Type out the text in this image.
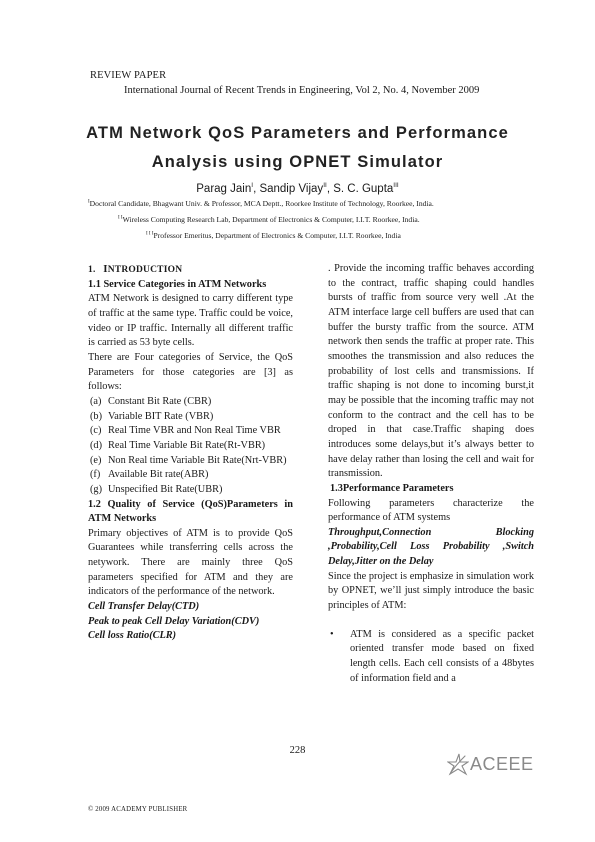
REVIEW PAPER
International Journal of Recent Trends in Engineering, Vol 2, No. 4, November 2009
ATM Network QoS Parameters and Performance
Analysis using OPNET Simulator
Parag Jain$^I$, Sandip Vijay$^{II}$, S. C. Gupta$^{III}$
$^I$Doctoral Candidate, Bhagwant Univ. & Professor, MCA Deptt., Roorkee Institute of Technology, Roorkee, India.
$^{I I}$Wireless Computing Research Lab, Department of Electronics & Computer, I.I.T. Roorkee, India.
$^{I I I}$Professor Emeritus, Department of Electronics & Computer, I.I.T. Roorkee, India
1. INTRODUCTION
1.1 Service Categories in ATM Networks
ATM Network is designed to carry different type of traffic at the same type. Traffic could be voice, video or IP traffic. Internally all different traffic is carried as 53 byte cells.
There are Four categories of Service, the QoS Parameters for those categories are [3] as follows:
(a) Constant Bit Rate (CBR)
(b) Variable BIT Rate (VBR)
(c) Real Time VBR and Non Real Time VBR
(d) Real Time Variable Bit Rate(Rt-VBR)
(e) Non Real time Variable Bit Rate(Nrt-VBR)
(f) Available Bit rate(ABR)
(g) Unspecified Bit Rate(UBR)
1.2 Quality of Service (QoS)Parameters in ATM Networks
Primary objectives of ATM is to provide QoS Guarantees while transferring cells across the netywork. There are mainly three QoS parameters specified for ATM and they are indicators of the performance of the network.
Cell Transfer Delay(CTD)
Peak to peak Cell Delay Variation(CDV)
Cell loss Ratio(CLR)
. Provide the incoming traffic behaves according to the contract, traffic shaping could handles bursts of traffic from source very well .At the ATM interface large cell buffers are used that can buffer the bursty traffic from the source. ATM network then sends the traffic at proper rate. This smoothes the transmission and also reduces the probability of lost cells and transmissions. If traffic shaping is not done to incoming burst,it may be possible that the incoming traffic may not conform to the contract and the cell has to be droped in that case.Traffic shaping does introduces some delays,but it’s always better to have delay rather than losing the cell and wait for transmission.
1.3Performance Parameters
Following parameters characterize the performance of ATM systems
Throughput,Connection Blocking ,Probability,Cell Loss Probability ,Switch Delay,Jitter on the Delay
Since the project is emphasize in simulation work by OPNET, we’ll just simply introduce the basic principles of ATM:
•	ATM is considered as a specific packet oriented transfer mode based on fixed length cells. Each cell consists of a 48bytes of information field and a
228
ACEEE
© 2009 ACADEMY PUBLISHER
